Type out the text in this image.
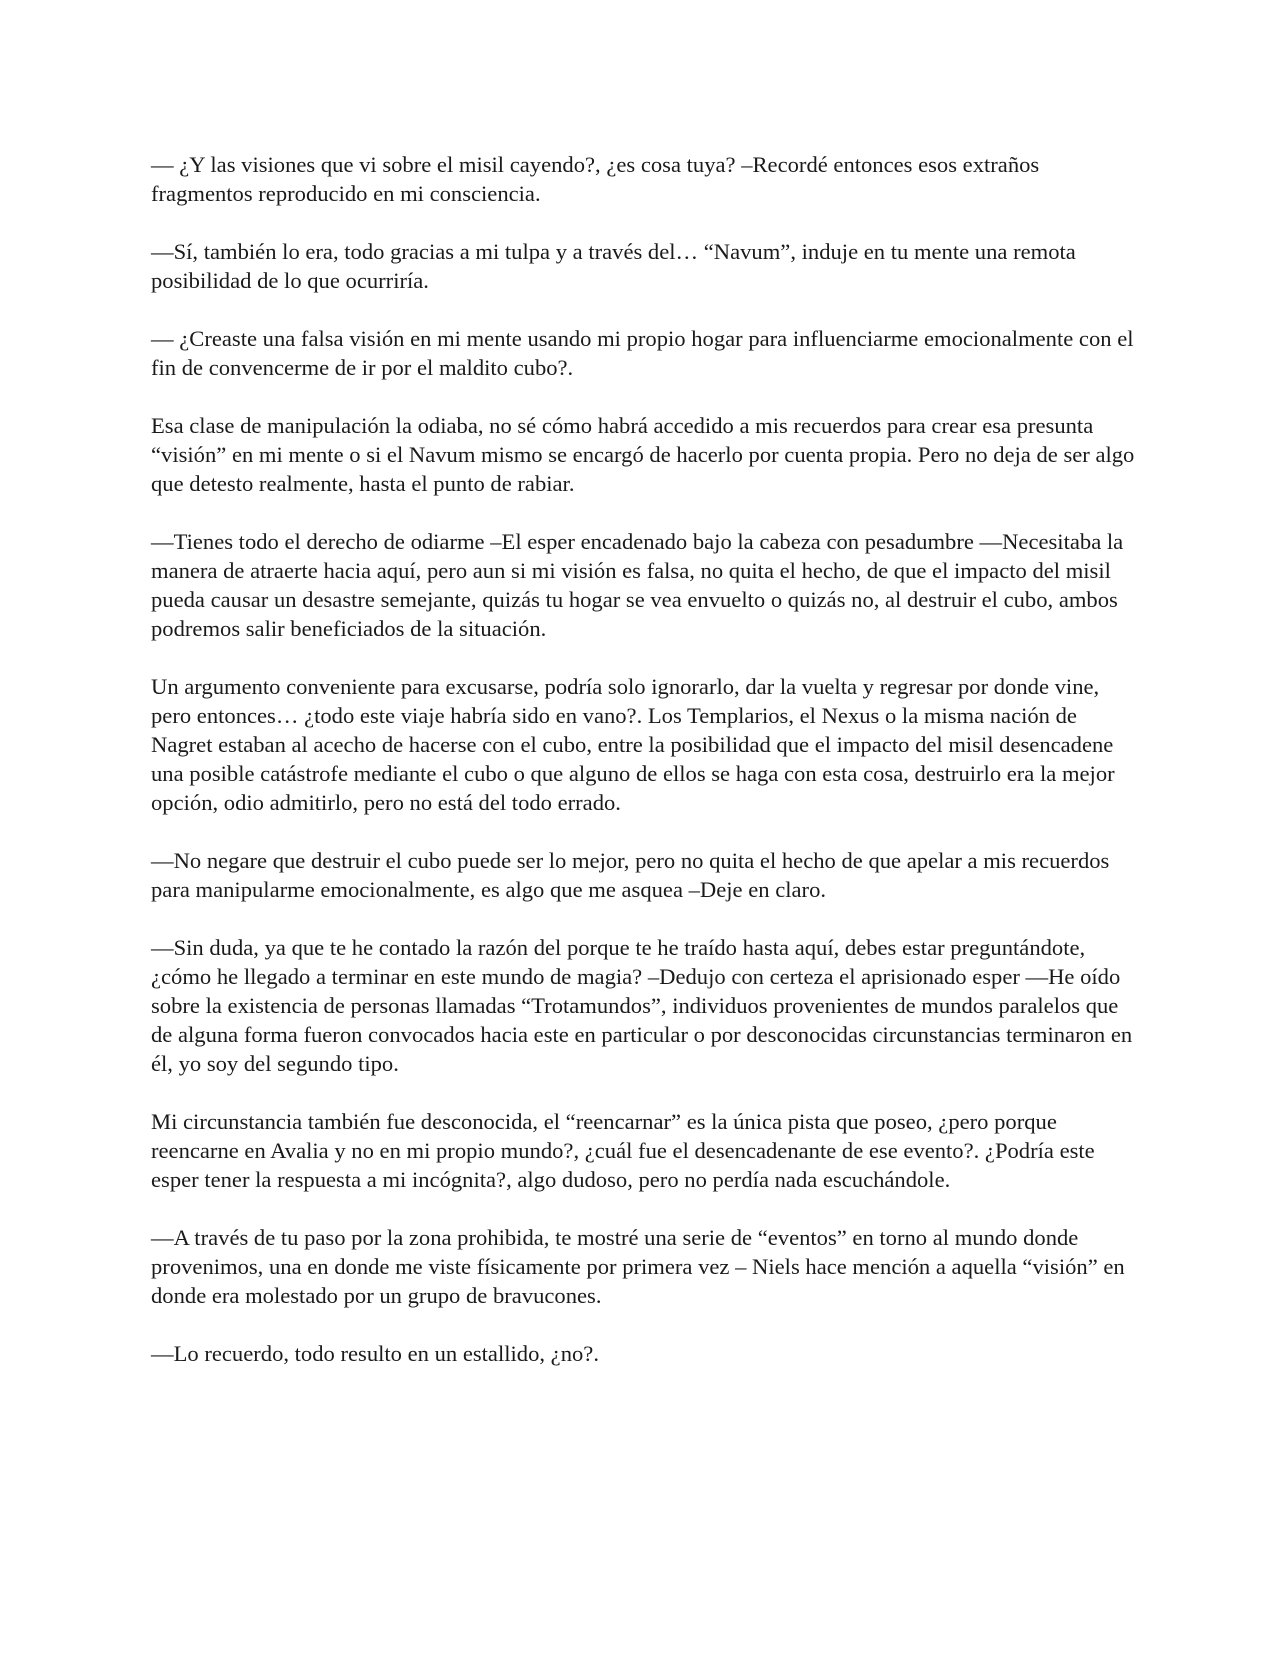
— ¿Y las visiones que vi sobre el misil cayendo?, ¿es cosa tuya? –Recordé entonces esos extraños fragmentos reproducido en mi consciencia.

—Sí, también lo era, todo gracias a mi tulpa y a través del… “Navum”, induje en tu mente una remota posibilidad de lo que ocurriría.

— ¿Creaste una falsa visión en mi mente usando mi propio hogar para influenciarme emocionalmente con el fin de convencerme de ir por el maldito cubo?.

Esa clase de manipulación la odiaba, no sé cómo habrá accedido a mis recuerdos para crear esa presunta “visión” en mi mente o si el Navum mismo se encargó de hacerlo por cuenta propia. Pero no deja de ser algo que detesto realmente, hasta el punto de rabiar.

—Tienes todo el derecho de odiarme –El esper encadenado bajo la cabeza con pesadumbre —Necesitaba la manera de atraerte hacia aquí, pero aun si mi visión es falsa, no quita el hecho, de que el impacto del misil pueda causar un desastre semejante, quizás tu hogar se vea envuelto o quizás no, al destruir el cubo, ambos podremos salir beneficiados de la situación.

Un argumento conveniente para excusarse, podría solo ignorarlo, dar la vuelta y regresar por donde vine, pero entonces… ¿todo este viaje habría sido en vano?. Los Templarios, el Nexus o la misma nación de Nagret estaban al acecho de hacerse con el cubo, entre la posibilidad que el impacto del misil desencadene una posible catástrofe mediante el cubo o que alguno de ellos se haga con esta cosa, destruirlo era la mejor opción, odio admitirlo, pero no está del todo errado.

—No negare que destruir el cubo puede ser lo mejor, pero no quita el hecho de que apelar a mis recuerdos para manipularme emocionalmente, es algo que me asquea –Deje en claro.

—Sin duda, ya que te he contado la razón del porque te he traído hasta aquí, debes estar preguntándote, ¿cómo he llegado a terminar en este mundo de magia? –Dedujo con certeza el aprisionado esper —He oído sobre la existencia de personas llamadas “Trotamundos”, individuos provenientes de mundos paralelos que de alguna forma fueron convocados hacia este en particular o por desconocidas circunstancias terminaron en él, yo soy del segundo tipo.

Mi circunstancia también fue desconocida, el “reencarnar” es la única pista que poseo, ¿pero porque reencarne en Avalia y no en mi propio mundo?, ¿cuál fue el desencadenante de ese evento?. ¿Podría este esper tener la respuesta a mi incógnita?, algo dudoso, pero no perdía nada escuchándole.

—A través de tu paso por la zona prohibida, te mostré una serie de “eventos” en torno al mundo donde provenimos, una en donde me viste físicamente por primera vez – Niels hace mención a aquella “visión” en donde era molestado por un grupo de bravucones.

—Lo recuerdo, todo resulto en un estallido, ¿no?.
